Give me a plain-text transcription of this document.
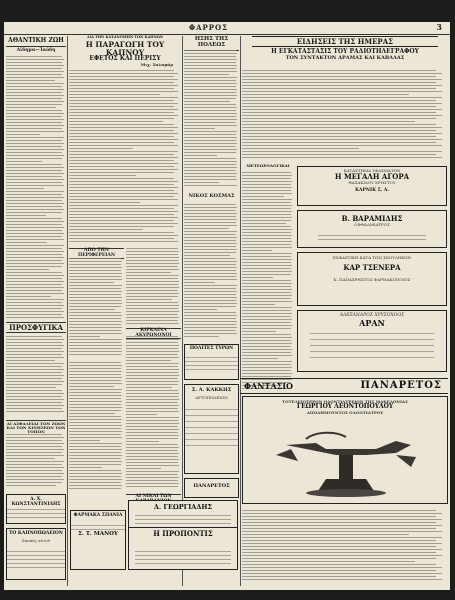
ΦΑΡΡΟΣ	3
ΑΘΑΝΤΙΚΗ ΖΩΗ
Αἰδημα—Ἰαόδη
ΠΡΟΣΦΥΓΙΚΑ
ΑΙ ΑΣΦΑΛΕΙΑΙ ΤΩΝ ΖΩΩΝ ΚΑΙ ΤΩΝ ΚΙΝΗΣΕΩΝ ΤΩΝ ΤΟΠΩΝ
Δ. Χ. ΚΩΝΣΤΑΝΤΙΝΙΔΗΣ
ΤΟ ΚΑΠΝΟΠΩΛΕΙΟΝ
Σκοπὸς αὐτοῦ
ΔΙΑ ΤΗΝ ΚΑΤΑΝΟΜΗΝ ΤΩΝ ΚΑΠΝΩΝ
Η ΠΑΡΑΓΩΓΗ ΤΟΥ ΚΑΠΝΟΥ
ΕΦΕΤΟΣ ΚΑΙ ΠΕΡΙΣΥ
Μιχ. Σαλαμάρ
ΑΠΟ ΤΗΝ ΠΕΡΙΦΕΡΕΙΑΝ
ΚΙΡΚΑΙΝΑ
ΑΙ ΝΙΚΑΙ ΤΩΝ
ΗΣΗΣ ΤΗΣ ΠΟΛΕΩΣ
ΝΙΚΟΣ ΚΟΣΜΑΣ
ΠΟΛΙΤΕΣ ΤΥΡΩΝ
Σ. Α. ΚΑΚΚΗΣ
ΑΡΤΟΠΩΛΕΙΟΝ
ΠΑΝΑΡΕΤΟΣ
ΕΙΔΗΣΕΙΣ ΤΗΣ ΗΜΕΡΑΣ
Η ΕΓΚΑΤΑΣΤΑΣΙΣ ΤΟΥ ΡΑΔΙΟΤΗΛΕΓΡΑΦΟΥ
ΤΟΝ ΣΥΝΤΑΚΤΟΝ ΔΡΑΜΑΣ ΚΑΙ ΚΑΒΑΛΑΣ
ΜΕΤΕΩΡΟΛΟΓΙΚΑΙ
ΚΑΤΑΣΤΗΜΑ ΥΦΑΣΜΑΤΩΝ
Η ΜΕΓΑΛΗ ΑΓΟΡΑ
ΘΑΣΑΚΙΔΟΥ ΧΡΗΣΤΟΥ
ΚΑΡΝΙΚ Σ. Α.
Β. ΒΑΡΑΜΙΔΗΣ
ΟΦΘΑΛΜΙΑΤΡΟΣ
ΕΧΦΑΣΤΙΚΗ ΚΑΤΑ ΤΩΝ ΣΚΟΥΛΗΚΩΝ
ΚΑΡ ΤΣΕΝΕΡΑ
Κ. ΠΑΠΑΧΡΗΣΤΟΣ ΦΑΡΜΑΚΟΠΟΙΟΣ
ΑΛΕΞΑΝΔΡΟΣ ΧΡΥΣΟΧΟΟΣ
ΑΡΑΝ
ΦΑΝΤΑΣΙΟ	ΠΑΝΑΡΕΤΟΣ
ΤΟΤΕΛΕΙΟΤΕΡΟΝ ΟΔΟΝΤΙΑΤΡΕΙΟΝ ΤΗΣ ΜΑΚΕΔΟΝΙΑΣ
ΓΕΩΡΓΙΟΥ ΛΕΟΝΤΟΠΟΥΛΟΥ
ΑΠΟΔΗΜΟΥΝΤΟΣ ΟΔΟΝΤΙΑΤΡΟΥ
ΦΑΡΜΑΚΑ ΣΠΑΝΙΑ
Σ. Τ. ΜΑΝΟΥ
Δ. ΓΕΩΡΓΙΑΔΗΣ
Η ΠΡΟΠΟΝΤΙΣ
